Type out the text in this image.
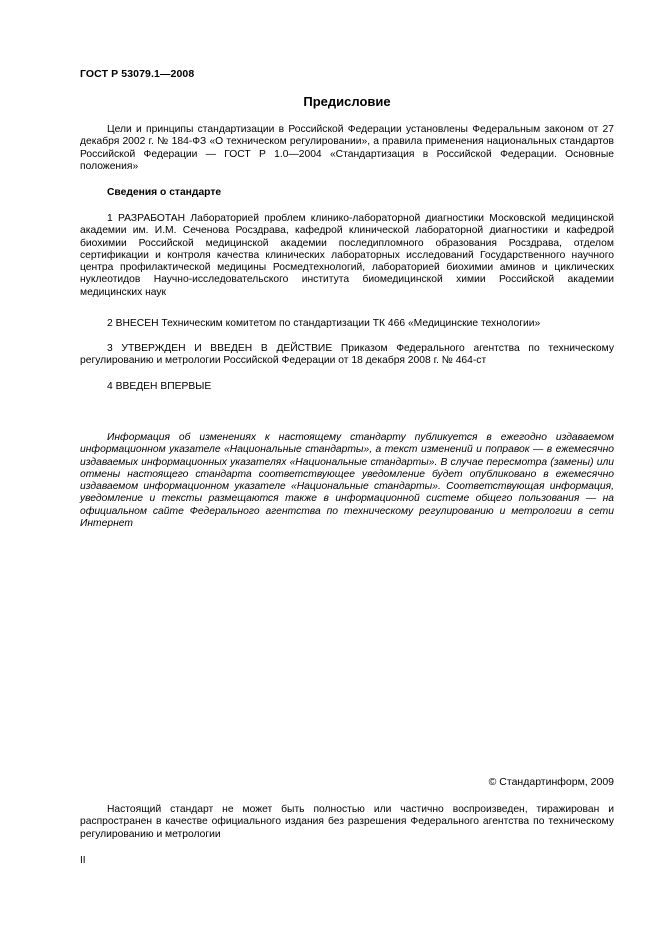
ГОСТ Р 53079.1—2008
Предисловие

Цели и принципы стандартизации в Российской Федерации установлены Федеральным законом от 27 декабря 2002 г. № 184-ФЗ «О техническом регулировании», а правила применения национальных стандартов Российской Федерации — ГОСТ Р 1.0—2004 «Стандартизация в Российской Федерации. Основные положения»

Сведения о стандарте

1 РАЗРАБОТАН Лабораторией проблем клинико-лабораторной диагностики Московской медицинской академии им. И.М. Сеченова Росздрава, кафедрой клинической лабораторной диагностики и кафедрой биохимии Российской медицинской академии последипломного образования Росздрава, отделом сертификации и контроля качества клинических лабораторных исследований Государственного научного центра профилактической медицины Росмедтехнологий, лабораторией биохимии аминов и циклических нуклеотидов Научно-исследовательского института биомедицинской химии Российской академии медицинских наук

2 ВНЕСЕН Техническим комитетом по стандартизации ТК 466 «Медицинские технологии»

3 УТВЕРЖДЕН И ВВЕДЕН В ДЕЙСТВИЕ Приказом Федерального агентства по техническому регулированию и метрологии Российской Федерации от 18 декабря 2008 г. № 464-ст

4 ВВЕДЕН ВПЕРВЫЕ

Информация об изменениях к настоящему стандарту публикуется в ежегодно издаваемом информационном указателе «Национальные стандарты», а текст изменений и поправок — в ежемесячно издаваемых информационных указателях «Национальные стандарты». В случае пересмотра (замены) или отмены настоящего стандарта соответствующее уведомление будет опубликовано в ежемесячно издаваемом информационном указателе «Национальные стандарты». Соответствующая информация, уведомление и тексты размещаются также в информационной системе общего пользования — на официальном сайте Федерального агентства по техническому регулированию и метрологии в сети Интернет

© Стандартинформ, 2009

Настоящий стандарт не может быть полностью или частично воспроизведен, тиражирован и распространен в качестве официального издания без разрешения Федерального агентства по техническому регулированию и метрологии

II
